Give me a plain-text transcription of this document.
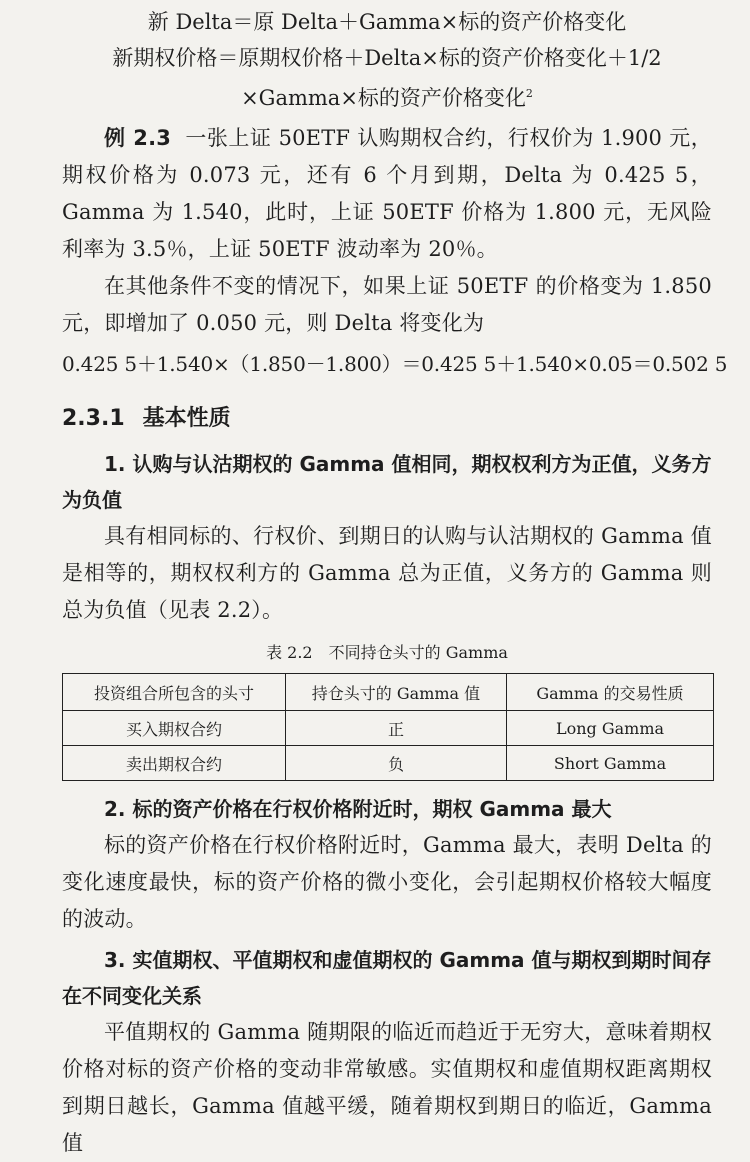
新 Delta＝原 Delta＋Gamma×标的资产价格变化

新期权价格＝原期权价格＋Delta×标的资产价格变化＋1/2

×Gamma×标的资产价格变化$^2$

例 2.3 一张上证 50ETF 认购期权合约，行权价为 1.900 元，期权价格为 0.073 元，还有 6 个月到期，Delta 为 0.425 5，Gamma 为 1.540，此时，上证 50ETF 价格为 1.800 元，无风险利率为 3.5％，上证 50ETF 波动率为 20％。

在其他条件不变的情况下，如果上证 50ETF 的价格变为 1.850 元，即增加了 0.050 元，则 Delta 将变化为

0.425 5＋1.540×（1.850－1.800）＝0.425 5＋1.540×0.05＝0.502 5

2.3.1 基本性质

1. 认购与认沽期权的 Gamma 值相同，期权权利方为正值，义务方为负值

具有相同标的、行权价、到期日的认购与认沽期权的 Gamma 值是相等的，期权权利方的 Gamma 总为正值，义务方的 Gamma 则总为负值（见表 2.2）。

表 2.2　不同持仓头寸的 Gamma

投资组合所包含的头寸	持仓头寸的 Gamma 值	Gamma 的交易性质
买入期权合约	正	Long Gamma
卖出期权合约	负	Short Gamma

2. 标的资产价格在行权价格附近时，期权 Gamma 最大

标的资产价格在行权价格附近时，Gamma 最大，表明 Delta 的变化速度最快，标的资产价格的微小变化，会引起期权价格较大幅度的波动。

3. 实值期权、平值期权和虚值期权的 Gamma 值与期权到期时间存在不同变化关系

平值期权的 Gamma 随期限的临近而趋近于无穷大，意味着期权价格对标的资产价格的变动非常敏感。实值期权和虚值期权距离期权到期日越长，Gamma 值越平缓，随着期权到期日的临近，Gamma 值
